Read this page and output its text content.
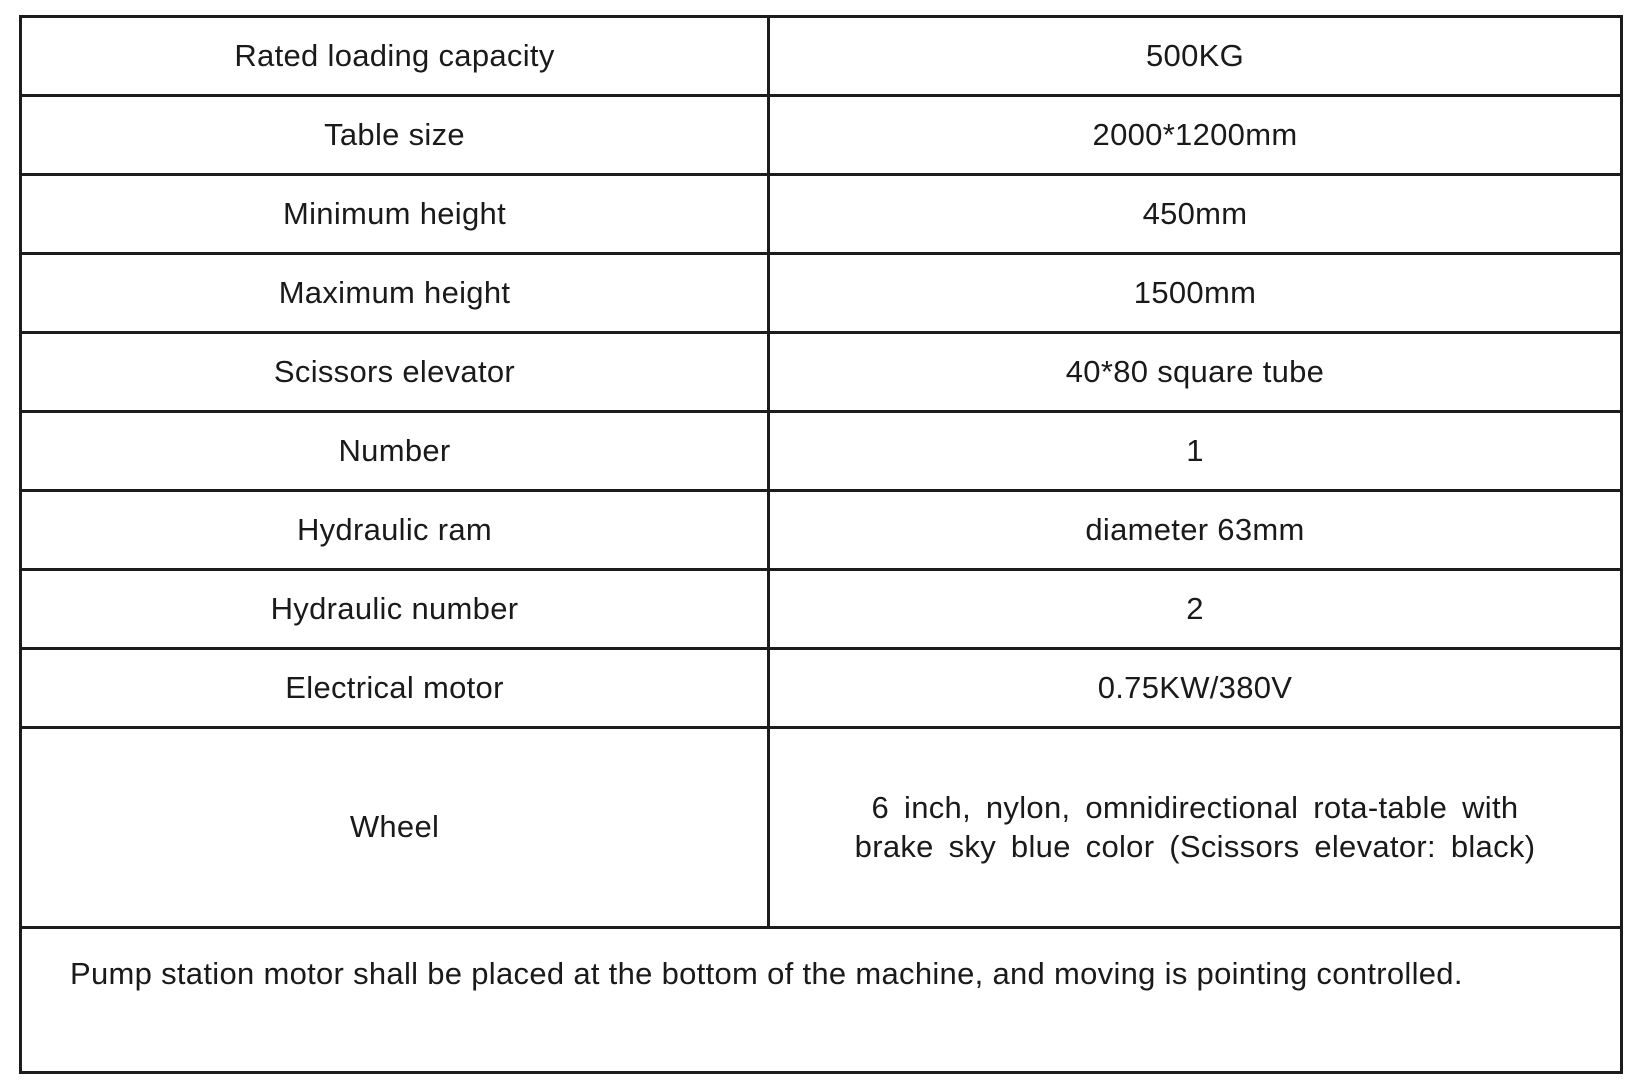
Rated loading capacity	500KG
Table size	2000*1200mm
Minimum height	450mm
Maximum height	1500mm
Scissors elevator	40*80 square tube
Number	1
Hydraulic ram	diameter 63mm
Hydraulic number	2
Electrical motor	0.75KW/380V
Wheel	6 inch, nylon, omnidirectional rota-table with
brake sky blue color (Scissors elevator: black)

Pump station motor shall be placed at the bottom of the machine, and moving is pointing controlled.	
